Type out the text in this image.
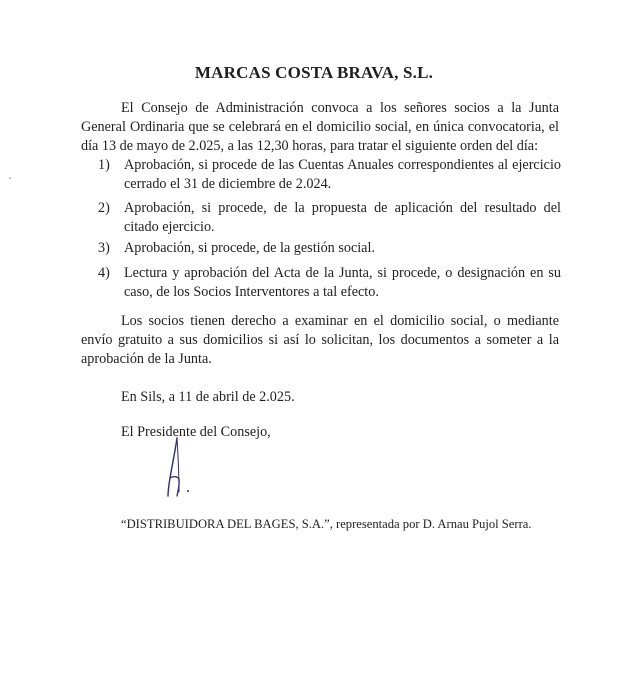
MARCAS COSTA BRAVA, S.L.
El Consejo de Administración convoca a los señores socios a la Junta General Ordinaria que se celebrará en el domicilio social, en única convocatoria, el día 13 de mayo de 2.025, a las 12,30 horas, para tratar el siguiente orden del día:
1) Aprobación, si procede de las Cuentas Anuales correspondientes al ejercicio cerrado el 31 de diciembre de 2.024.
2) Aprobación, si procede, de la propuesta de aplicación del resultado del citado ejercicio.
3) Aprobación, si procede, de la gestión social.
4) Lectura y aprobación del Acta de la Junta, si procede, o designación en su caso, de los Socios Interventores a tal efecto.
Los socios tienen derecho a examinar en el domicilio social, o mediante envío gratuito a sus domicilios si así lo solicitan, los documentos a someter a la aprobación de la Junta.
En Sils, a 11 de abril de 2.025.
El Presidente del Consejo,
“DISTRIBUIDORA DEL BAGES, S.A.”, representada por D. Arnau Pujol Serra.
